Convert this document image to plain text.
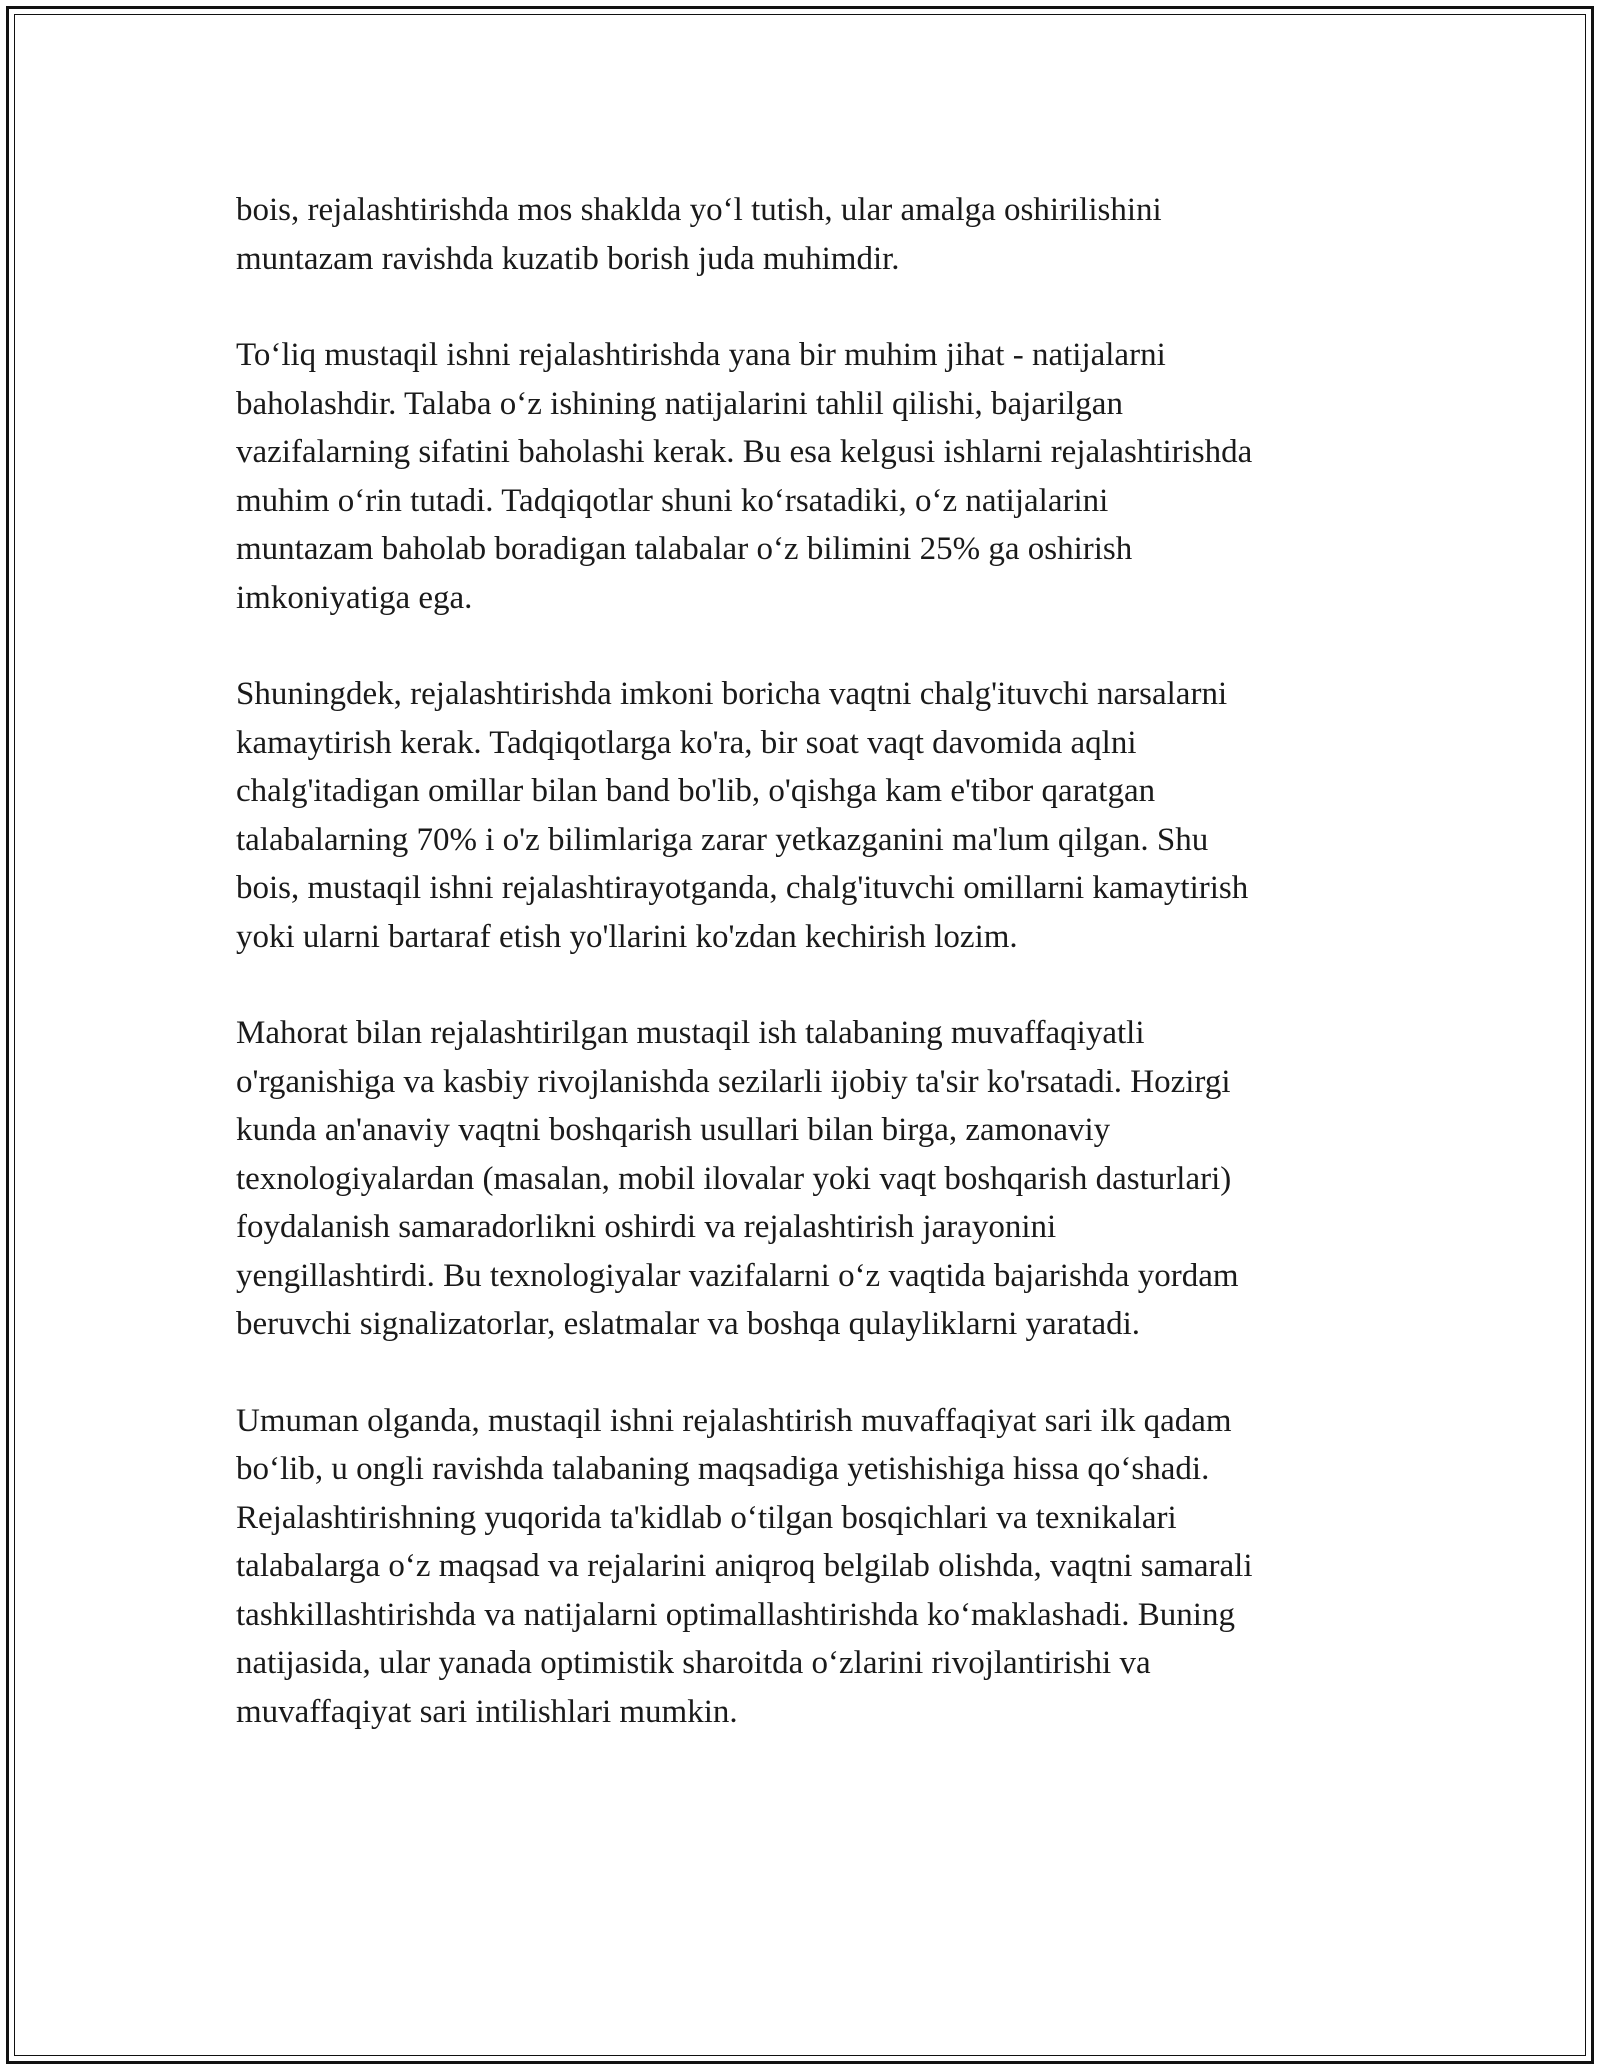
bois, rejalashtirishda mos shaklda yo‘l tutish, ular amalga oshirilishini
muntazam ravishda kuzatib borish juda muhimdir.

To‘liq mustaqil ishni rejalashtirishda yana bir muhim jihat - natijalarni
baholashdir. Talaba o‘z ishining natijalarini tahlil qilishi, bajarilgan
vazifalarning sifatini baholashi kerak. Bu esa kelgusi ishlarni rejalashtirishda
muhim o‘rin tutadi. Tadqiqotlar shuni ko‘rsatadiki, o‘z natijalarini
muntazam baholab boradigan talabalar o‘z bilimini 25% ga oshirish
imkoniyatiga ega.

Shuningdek, rejalashtirishda imkoni boricha vaqtni chalg'ituvchi narsalarni
kamaytirish kerak. Tadqiqotlarga ko'ra, bir soat vaqt davomida aqlni
chalg'itadigan omillar bilan band bo'lib, o'qishga kam e'tibor qaratgan
talabalarning 70% i o'z bilimlariga zarar yetkazganini ma'lum qilgan. Shu
bois, mustaqil ishni rejalashtirayotganda, chalg'ituvchi omillarni kamaytirish
yoki ularni bartaraf etish yo'llarini ko'zdan kechirish lozim.

Mahorat bilan rejalashtirilgan mustaqil ish talabaning muvaffaqiyatli
o'rganishiga va kasbiy rivojlanishda sezilarli ijobiy ta'sir ko'rsatadi. Hozirgi
kunda an'anaviy vaqtni boshqarish usullari bilan birga, zamonaviy
texnologiyalardan (masalan, mobil ilovalar yoki vaqt boshqarish dasturlari)
foydalanish samaradorlikni oshirdi va rejalashtirish jarayonini
yengillashtirdi. Bu texnologiyalar vazifalarni o‘z vaqtida bajarishda yordam
beruvchi signalizatorlar, eslatmalar va boshqa qulayliklarni yaratadi.

Umuman olganda, mustaqil ishni rejalashtirish muvaffaqiyat sari ilk qadam
bo‘lib, u ongli ravishda talabaning maqsadiga yetishishiga hissa qo‘shadi.
Rejalashtirishning yuqorida ta'kidlab o‘tilgan bosqichlari va texnikalari
talabalarga o‘z maqsad va rejalarini aniqroq belgilab olishda, vaqtni samarali
tashkillashtirishda va natijalarni optimallashtirishda ko‘maklashadi. Buning
natijasida, ular yanada optimistik sharoitda o‘zlarini rivojlantirishi va
muvaffaqiyat sari intilishlari mumkin.
